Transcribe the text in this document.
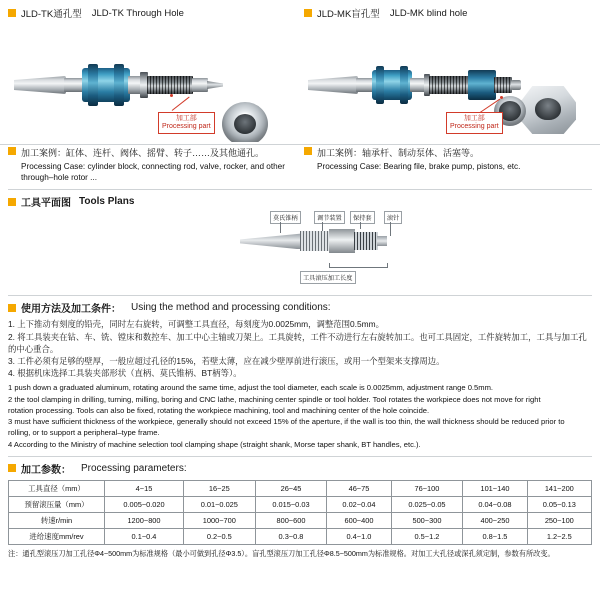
JLD-TK通孔型 JLD-TK Through Hole
加工部
Processing part
JLD-MK盲孔型 JLD-MK blind hole
加工部
Processing part
加工案例：缸体、连杆、阀体、摇臂、转子……及其他通孔。
Processing Case: cylinder block, connecting rod, valve, rocker, and other through–hole rotor ...
加工案例：轴承杆、制动泵体、活塞等。
Processing Case: Bearing file, brake pump, pistons, etc.
工具平面图 Tools Plans
莫氏锥柄	调节装置	保持套	滚针
工具滚压加工长度
使用方法及加工条件： Using the method and processing conditions:
1. 上下推动有刻度的铅壳，同时左右旋转，可调整工具直径，每刻度为0.0025mm，调整范围0.5mm。
2. 将工具装夹在钻、车、铣、镗床和数控车、加工中心主轴或刀架上。工具旋转，工件不动进行左右旋转加工。也可工具固定，工件旋转加工，工具与加工孔的中心重合。
3. 工件必须有足够的壁厚，一般应超过孔径的15%，若壁太薄，应在减少壁厚前进行滚压，或用一个型架来支撑周边。
4. 根据机床选择工具装夹部形状（直柄、莫氏锥柄、BT柄等）。
1 push down a graduated aluminum, rotating around the same time, adjust the tool diameter, each scale is 0.0025mm, adjustment range 0.5mm.
2 the tool clamping in drilling, turning, milling, boring and CNC lathe, machining center spindle or tool holder. Tool rotates the workpiece does not move for right
rotation processing. Tools can also be fixed, rotating the workpiece machining, tool and machining center of the hole coincide.
3 must have sufficient thickness of the workpiece, generally should not exceed 15% of the aperture, if the wall is too thin, the wall thickness should be reduced prior to
rolling, or to support a peripheral–type frame.
4 According to the Ministry of machine selection tool clamping shape (straight shank, Morse taper shank, BT handles, etc.).
加工参数： Processing parameters:
工具直径（mm）	4~15	16~25	26~45	46~75	76~100	101~140	141~200
预留滚压量（mm）	0.005~0.020	0.01~0.025	0.015~0.03	0.02~0.04	0.025~0.05	0.04~0.08	0.05~0.13
转速r/min	1200~800	1000~700	800~600	600~400	500~300	400~250	250~100
进给速度mm/rev	0.1~0.4	0.2~0.5	0.3~0.8	0.4~1.0	0.5~1.2	0.8~1.5	1.2~2.5
注：通孔型滚压刀加工孔径Φ4~500mm为标准规格（最小可做到孔径Φ3.5）。盲孔型滚压刀加工孔径Φ8.5~500mm为标准规格。对加工大孔径或深孔须定制，参数有所改变。
